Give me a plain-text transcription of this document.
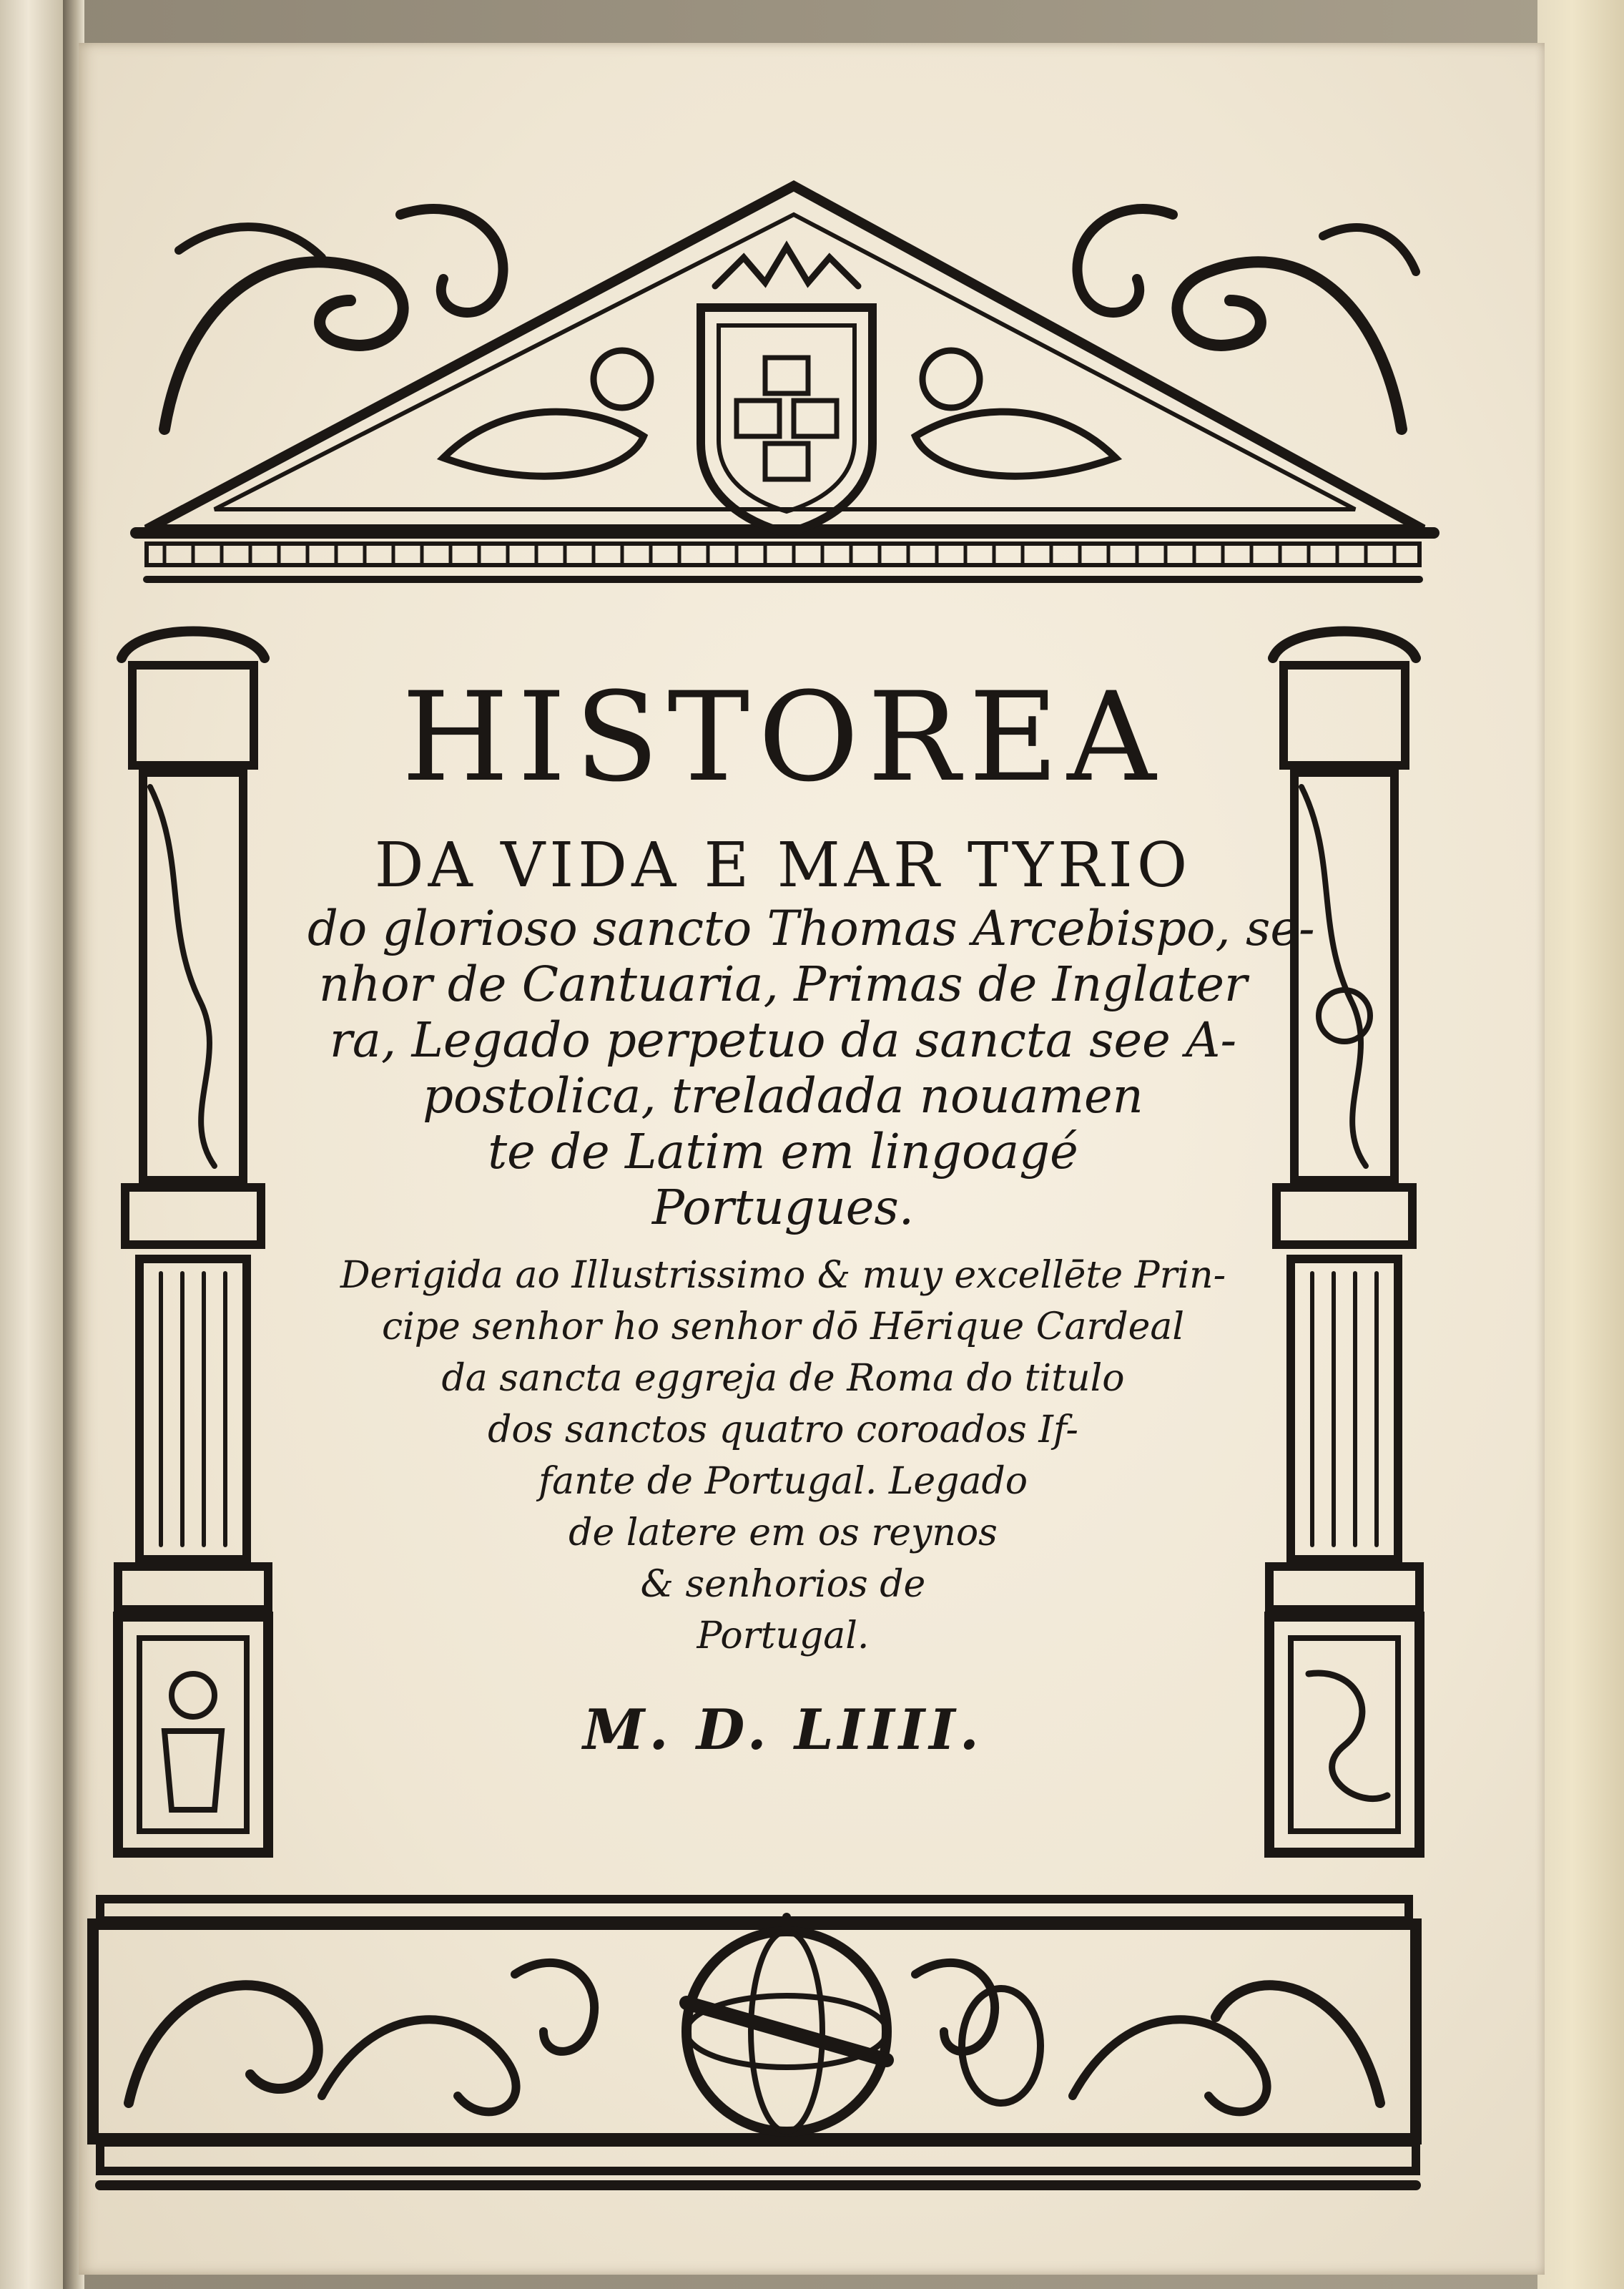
HISTOREA

DA VIDA E MAR TYRIO

do glorioso sancto Thomas Arcebispo, se-

nhor de Cantuaria, Primas de Inglater

ra, Legado perpetuo da sancta see A-

postolica, treladada nouamen

te de Latim em lingoagé

Portugues.

Derigida ao Illustrissimo & muy excellēte Prin-

cipe senhor ho senhor dō Hērique Cardeal

da sancta eggreja de Roma do titulo

dos sanctos quatro coroados If-

fante de Portugal. Legado

de latere em os reynos

& senhorios de

Portugal.

M. D. LIIII.
